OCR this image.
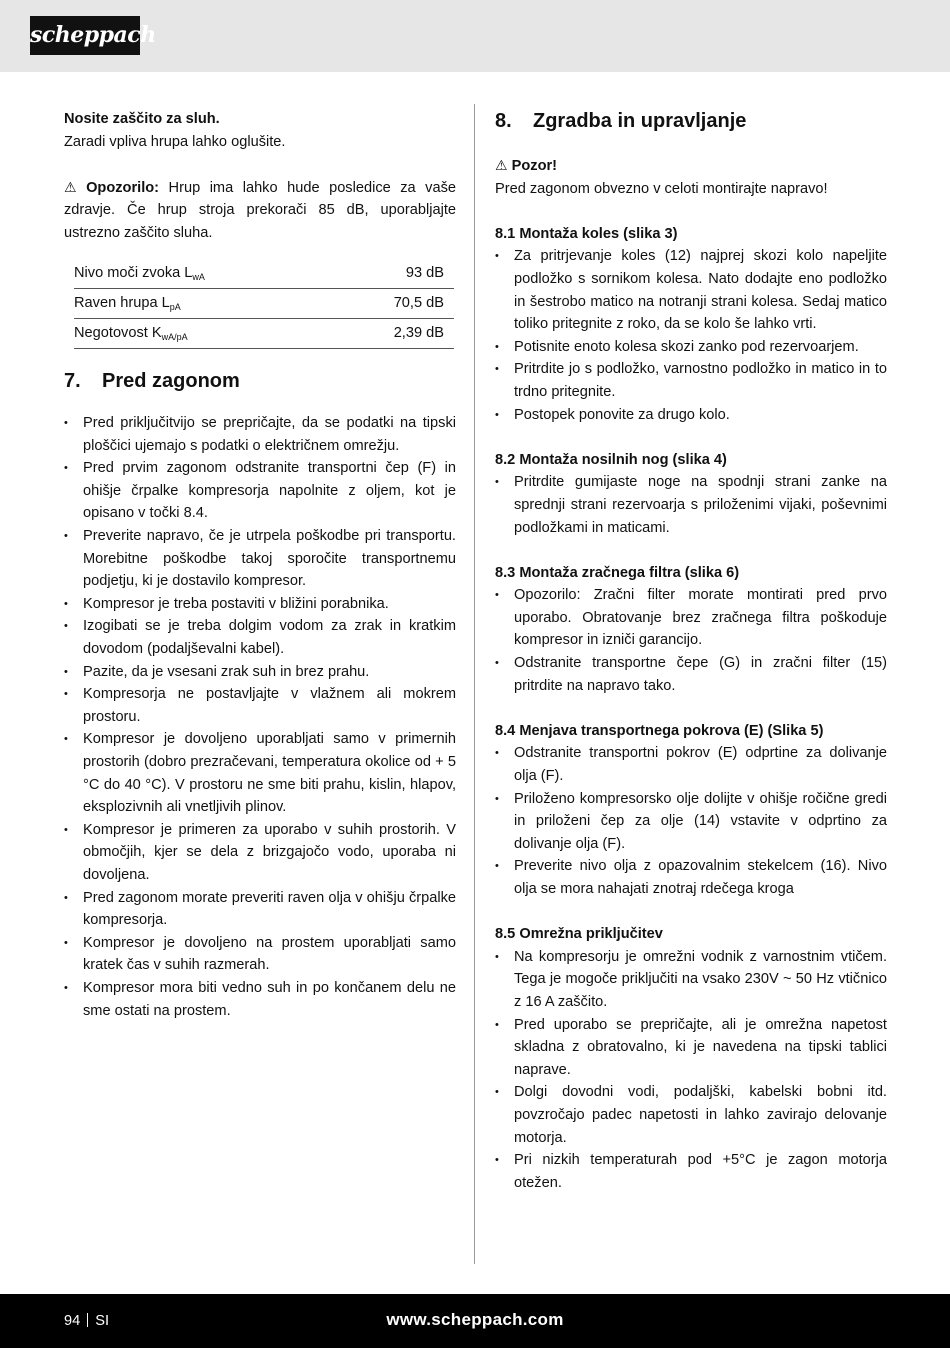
scheppach

Nosite zaščito za sluh.

Zaradi vpliva hrupa lahko oglušite.

⚠ Opozorilo: Hrup ima lahko hude posledice za vaše zdravje. Če hrup stroja prekorači 85 dB, uporabljajte ustrezno zaščito sluha.

Nivo moči zvoka $L_{wA}$	93 dB
Raven hrupa $L_{pA}$	70,5 dB
Negotovost $K_{wA/pA}$	2,39 dB
7. Pred zagonom
• Pred priključitvijo se prepričajte, da se podatki na tipski ploščici ujemajo s podatki o električnem omrežju.
• Pred prvim zagonom odstranite transportni čep (F) in ohišje črpalke kompresorja napolnite z oljem, kot je opisano v točki 8.4.
• Preverite napravo, če je utrpela poškodbe pri transportu. Morebitne poškodbe takoj sporočite transportnemu podjetju, ki je dostavilo kompresor.
• Kompresor je treba postaviti v bližini porabnika.
• Izogibati se je treba dolgim vodom za zrak in kratkim dovodom (podaljševalni kabel).
• Pazite, da je vsesani zrak suh in brez prahu.
• Kompresorja ne postavljajte v vlažnem ali mokrem prostoru.
• Kompresor je dovoljeno uporabljati samo v primernih prostorih (dobro prezračevani, temperatura okolice od + 5 °C do 40 °C). V prostoru ne sme biti prahu, kislin, hlapov, eksplozivnih ali vnetljivih plinov.
• Kompresor je primeren za uporabo v suhih prostorih. V območjih, kjer se dela z brizgajočo vodo, uporaba ni dovoljena.
• Pred zagonom morate preveriti raven olja v ohišju črpalke kompresorja.
• Kompresor je dovoljeno na prostem uporabljati samo kratek čas v suhih razmerah.
• Kompresor mora biti vedno suh in po končanem delu ne sme ostati na prostem.
8. Zgradba in upravljanje

⚠ Pozor!

Pred zagonom obvezno v celoti montirajte napravo!

8.1 Montaža koles (slika 3)

• Za pritrjevanje koles (12) najprej skozi kolo napeljite podložko s sornikom kolesa. Nato dodajte eno podložko in šestrobo matico na notranji strani kolesa. Sedaj matico toliko pritegnite z roko, da se kolo še lahko vrti.
• Potisnite enoto kolesa skozi zanko pod rezervoarjem.
• Pritrdite jo s podložko, varnostno podložko in matico in to trdno pritegnite.
• Postopek ponovite za drugo kolo.

8.2 Montaža nosilnih nog (slika 4)

• Pritrdite gumijaste noge na spodnji strani zanke na sprednji strani rezervoarja s priloženimi vijaki, poševnimi podložkami in maticami.

8.3 Montaža zračnega filtra (slika 6)

• Opozorilo: Zračni filter morate montirati pred prvo uporabo. Obratovanje brez zračnega filtra poškoduje kompresor in izniči garancijo.
• Odstranite transportne čepe (G) in zračni filter (15) pritrdite na napravo tako.

8.4 Menjava transportnega pokrova (E) (Slika 5)

• Odstranite transportni pokrov (E) odprtine za dolivanje olja (F).
• Priloženo kompresorsko olje dolijte v ohišje ročične gredi in priloženi čep za olje (14) vstavite v odprtino za dolivanje olja (F).
• Preverite nivo olja z opazovalnim stekelcem (16). Nivo olja se mora nahajati znotraj rdečega kroga

8.5 Omrežna priključitev

• Na kompresorju je omrežni vodnik z varnostnim vtičem. Tega je mogoče priključiti na vsako 230V ~ 50 Hz vtičnico z 16 A zaščito.
• Pred uporabo se prepričajte, ali je omrežna napetost skladna z obratovalno, ki je navedena na tipski tablici naprave.
• Dolgi dovodni vodi, podaljški, kabelski bobni itd. povzročajo padec napetosti in lahko zavirajo delovanje motorja.
• Pri nizkih temperaturah pod +5°C je zagon motorja otežen.
94 SI	www.scheppach.com
